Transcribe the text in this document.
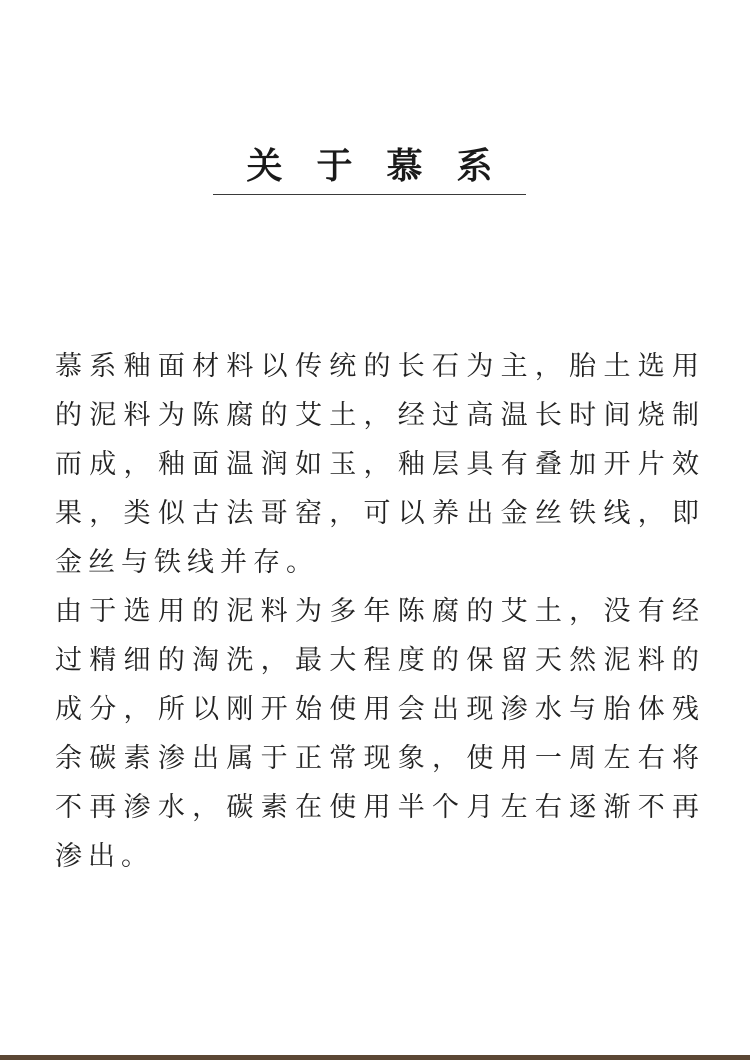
关于慕系

慕系釉面材料以传统的长石为主，胎土选用的泥料为陈腐的艾土，经过高温长时间烧制而成，釉面温润如玉，釉层具有叠加开片效果，类似古法哥窑，可以养出金丝铁线，即金丝与铁线并存。

由于选用的泥料为多年陈腐的艾土，没有经过精细的淘洗，最大程度的保留天然泥料的成分，所以刚开始使用会出现渗水与胎体残余碳素渗出属于正常现象，使用一周左右将不再渗水，碳素在使用半个月左右逐渐不再渗出。
